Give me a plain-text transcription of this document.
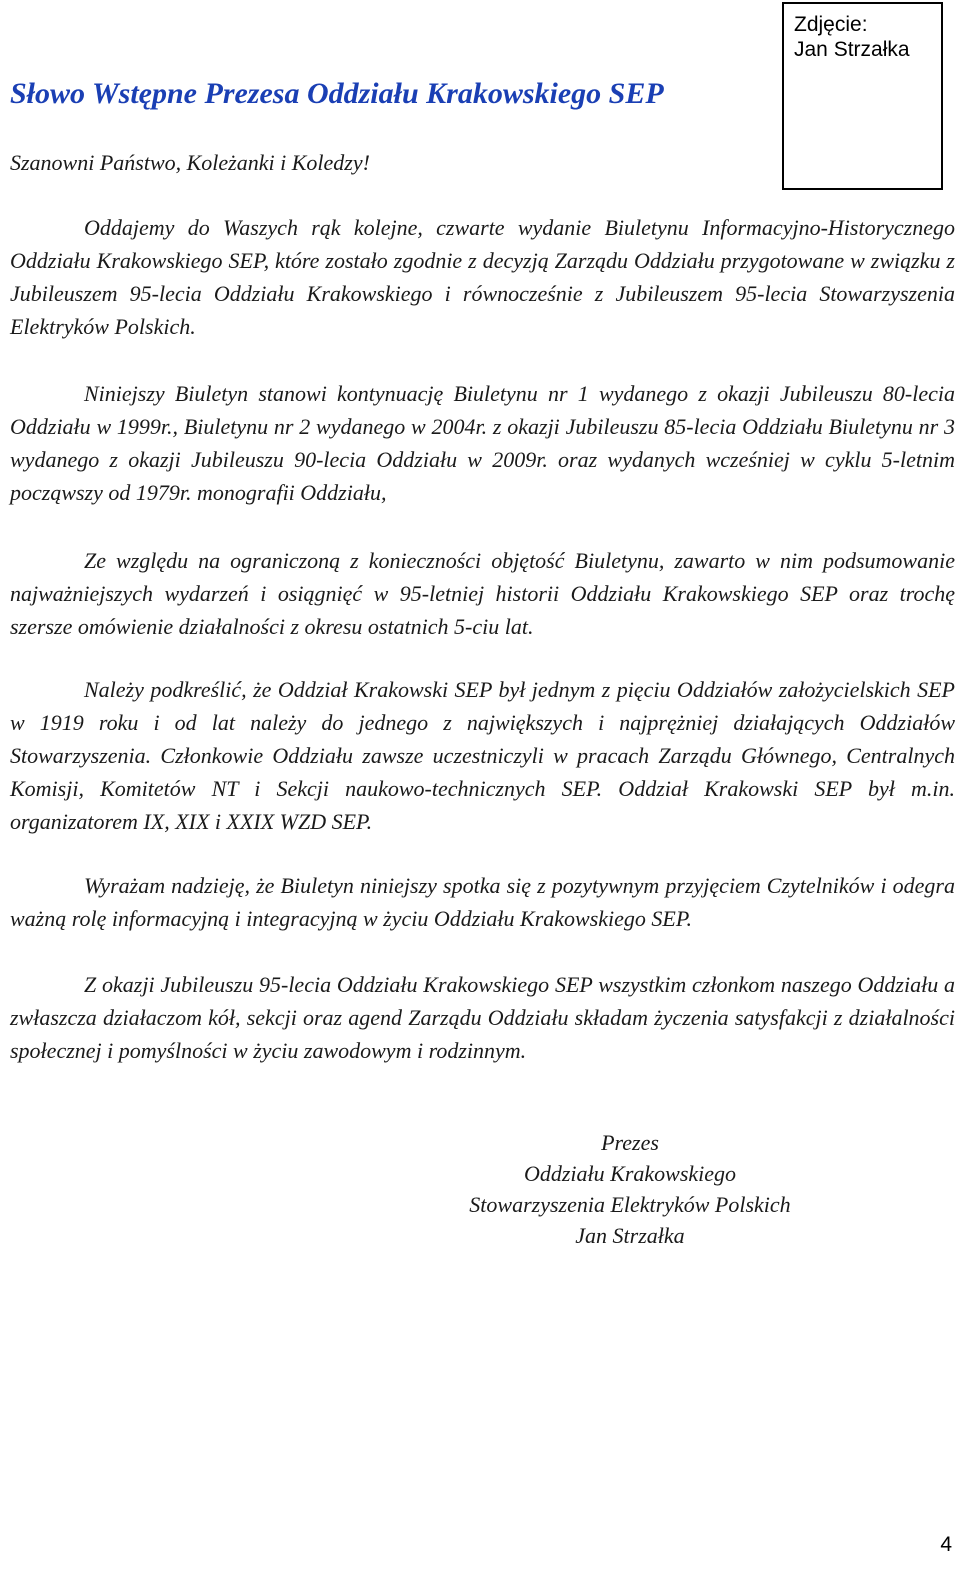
Słowo Wstępne Prezesa Oddziału Krakowskiego SEP
Zdjęcie:
Jan Strzałka

Szanowni Państwo, Koleżanki i Koledzy!

Oddajemy do Waszych rąk kolejne, czwarte wydanie Biuletynu Informacyjno-Historycznego Oddziału Krakowskiego SEP, które zostało zgodnie z decyzją Zarządu Oddziału przygotowane w związku z Jubileuszem 95-lecia Oddziału Krakowskiego i równocześnie z Jubileuszem 95-lecia Stowarzyszenia Elektryków Polskich.

Niniejszy Biuletyn stanowi kontynuację Biuletynu nr 1 wydanego z okazji Jubileuszu 80-lecia Oddziału w 1999r., Biuletynu nr 2 wydanego w 2004r. z okazji Jubileuszu 85-lecia Oddziału Biuletynu nr 3 wydanego z okazji Jubileuszu 90-lecia Oddziału w 2009r. oraz wydanych wcześniej w cyklu 5-letnim począwszy od 1979r. monografii Oddziału,

Ze względu na ograniczoną z konieczności objętość Biuletynu, zawarto w nim podsumowanie najważniejszych wydarzeń i osiągnięć w 95-letniej historii Oddziału Krakowskiego SEP oraz trochę szersze omówienie działalności z okresu ostatnich 5-ciu lat.

Należy podkreślić, że Oddział Krakowski SEP był jednym z pięciu Oddziałów założycielskich SEP w 1919 roku i od lat należy do jednego z największych i najprężniej działających Oddziałów Stowarzyszenia. Członkowie Oddziału zawsze uczestniczyli w pracach Zarządu Głównego, Centralnych Komisji, Komitetów NT i Sekcji naukowo-technicznych SEP. Oddział Krakowski SEP był m.in. organizatorem IX, XIX i XXIX WZD SEP.

Wyrażam nadzieję, że Biuletyn niniejszy spotka się z pozytywnym przyjęciem Czytelników i odegra ważną rolę informacyjną i integracyjną w życiu Oddziału Krakowskiego SEP.

Z okazji Jubileuszu 95-lecia Oddziału Krakowskiego SEP wszystkim członkom naszego Oddziału a zwłaszcza działaczom kół, sekcji oraz agend Zarządu Oddziału składam życzenia satysfakcji z działalności społecznej i pomyślności w życiu zawodowym i rodzinnym.

Prezes
Oddziału Krakowskiego
Stowarzyszenia Elektryków Polskich
Jan Strzałka
4
